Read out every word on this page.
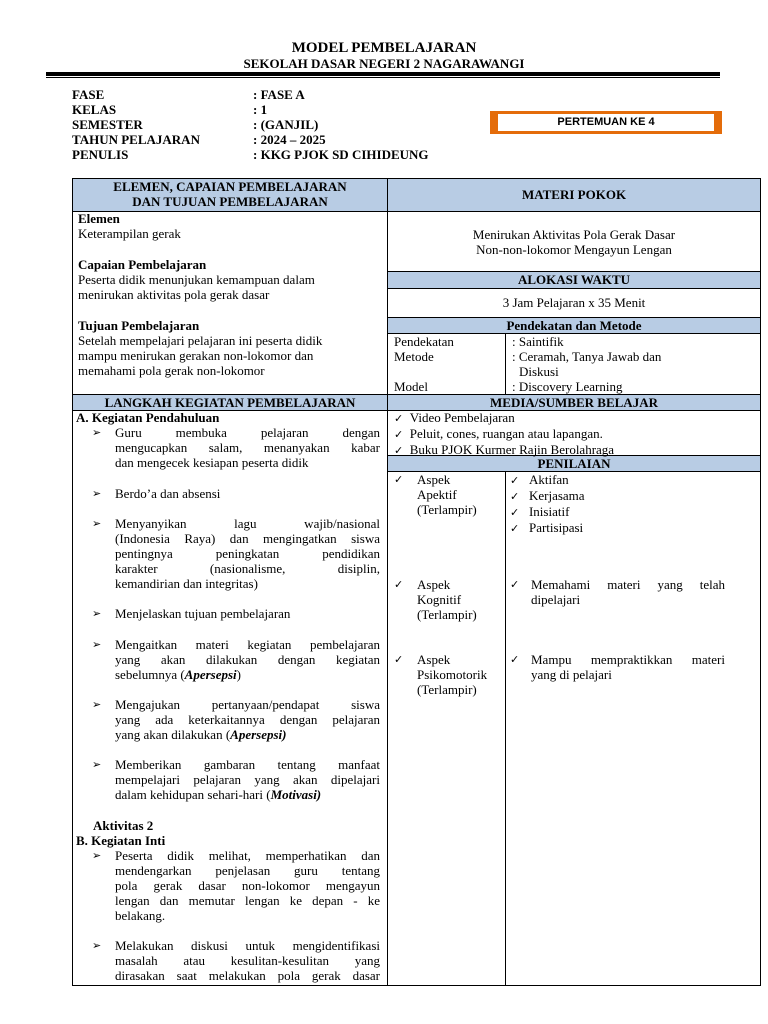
MODEL PEMBELAJARAN
SEKOLAH DASAR NEGERI 2 NAGARAWANGI
FASE
KELAS
SEMESTER
TAHUN PELAJARAN
PENULIS
: FASE A
: 1
: (GANJIL)
: 2024 – 2025
: KKG PJOK SD CIHIDEUNG
PERTEMUAN KE 4
ELEMEN, CAPAIAN PEMBELAJARAN
DAN TUJUAN PEMBELAJARAN	MATERI POKOK
Elemen
Keterampilan gerak
Capaian Pembelajaran
Peserta didik menunjukan kemampuan dalam
menirukan aktivitas pola gerak dasar
Tujuan Pembelajaran
Setelah mempelajari pelajaran ini peserta didik
mampu menirukan gerakan non-lokomor dan
memahami pola gerak non-lokomor
Menirukan Aktivitas Pola Gerak Dasar
Non-non-lokomor Mengayun Lengan
ALOKASI WAKTU
3 Jam Pelajaran x 35 Menit
Pendekatan dan Metode
Pendekatan
Metode
Model
: Saintifik
: Ceramah, Tanya Jawab dan
Diskusi
: Discovery Learning
LANGKAH KEGIATAN PEMBELAJARAN	MEDIA/SUMBER BELAJAR
✓ Video Pembelajaran
✓ Peluit, cones, ruangan atau lapangan.
✓ Buku PJOK Kurmer Rajin Berolahraga
PENILAIAN
✓ Aspek
Apektif
(Terlampir)
✓ Aktifan
✓ Kerjasama
✓ Inisiatif
✓ Partisipasi
✓ Aspek
Kognitif
(Terlampir)
✓ Memahami materi yang telah
dipelajari
✓ Aspek
Psikomotorik
(Terlampir)
✓ Mampu mempraktikkan materi
yang di pelajari
A. Kegiatan Pendahuluan
➢ Guru membuka pelajaran dengan
mengucapkan salam, menanyakan kabar
dan mengecek kesiapan peserta didik
➢ Berdo’a dan absensi
➢ Menyanyikan lagu wajib/nasional
(Indonesia Raya) dan mengingatkan siswa
pentingnya peningkatan pendidikan
karakter (nasionalisme, disiplin,
kemandirian dan integritas)
➢ Menjelaskan tujuan pembelajaran
➢ Mengaitkan materi kegiatan pembelajaran
yang akan dilakukan dengan kegiatan
sebelumnya (Apersepsi)
➢ Mengajukan pertanyaan/pendapat siswa
yang ada keterkaitannya dengan pelajaran
yang akan dilakukan (Apersepsi)
➢ Memberikan gambaran tentang manfaat
mempelajari pelajaran yang akan dipelajari
dalam kehidupan sehari-hari (Motivasi)
Aktivitas 2
B. Kegiatan Inti
➢ Peserta didik melihat, memperhatikan dan
mendengarkan penjelasan guru tentang
pola gerak dasar non-lokomor mengayun
lengan dan memutar lengan ke depan - ke
belakang.
➢ Melakukan diskusi untuk mengidentifikasi
masalah atau kesulitan-kesulitan yang
dirasakan saat melakukan pola gerak dasar
